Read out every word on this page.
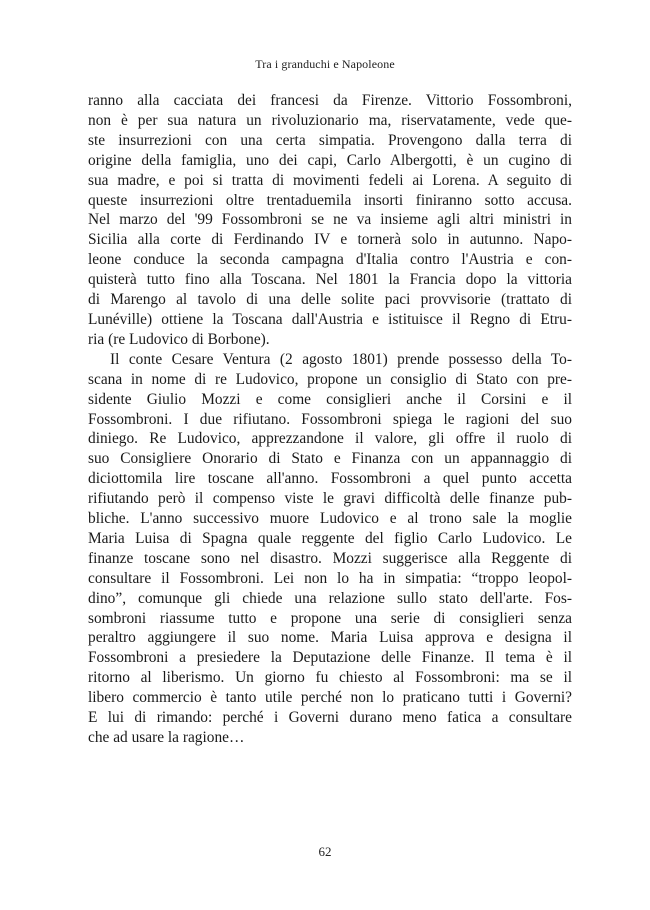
Tra i granduchi e Napoleone

ranno alla cacciata dei francesi da Firenze. Vittorio Fossombroni,
non è per sua natura un rivoluzionario ma, riservatamente, vede que-
ste insurrezioni con una certa simpatia. Provengono dalla terra di
origine della famiglia, uno dei capi, Carlo Albergotti, è un cugino di
sua madre, e poi si tratta di movimenti fedeli ai Lorena. A seguito di
queste insurrezioni oltre trentaduemila insorti finiranno sotto accusa.
Nel marzo del '99 Fossombroni se ne va insieme agli altri ministri in
Sicilia alla corte di Ferdinando IV e tornerà solo in autunno. Napo-
leone conduce la seconda campagna d'Italia contro l'Austria e con-
quisterà tutto fino alla Toscana. Nel 1801 la Francia dopo la vittoria
di Marengo al tavolo di una delle solite paci provvisorie (trattato di
Lunéville) ottiene la Toscana dall'Austria e istituisce il Regno di Etru-
ria (re Ludovico di Borbone).

Il conte Cesare Ventura (2 agosto 1801) prende possesso della To-
scana in nome di re Ludovico, propone un consiglio di Stato con pre-
sidente Giulio Mozzi e come consiglieri anche il Corsini e il
Fossombroni. I due rifiutano. Fossombroni spiega le ragioni del suo
diniego. Re Ludovico, apprezzandone il valore, gli offre il ruolo di
suo Consigliere Onorario di Stato e Finanza con un appannaggio di
diciottomila lire toscane all'anno. Fossombroni a quel punto accetta
rifiutando però il compenso viste le gravi difficoltà delle finanze pub-
bliche. L'anno successivo muore Ludovico e al trono sale la moglie
Maria Luisa di Spagna quale reggente del figlio Carlo Ludovico. Le
finanze toscane sono nel disastro. Mozzi suggerisce alla Reggente di
consultare il Fossombroni. Lei non lo ha in simpatia: “troppo leopol-
dino”, comunque gli chiede una relazione sullo stato dell'arte. Fos-
sombroni riassume tutto e propone una serie di consiglieri senza
peraltro aggiungere il suo nome. Maria Luisa approva e designa il
Fossombroni a presiedere la Deputazione delle Finanze. Il tema è il
ritorno al liberismo. Un giorno fu chiesto al Fossombroni: ma se il
libero commercio è tanto utile perché non lo praticano tutti i Governi?
E lui di rimando: perché i Governi durano meno fatica a consultare
che ad usare la ragione…

62
